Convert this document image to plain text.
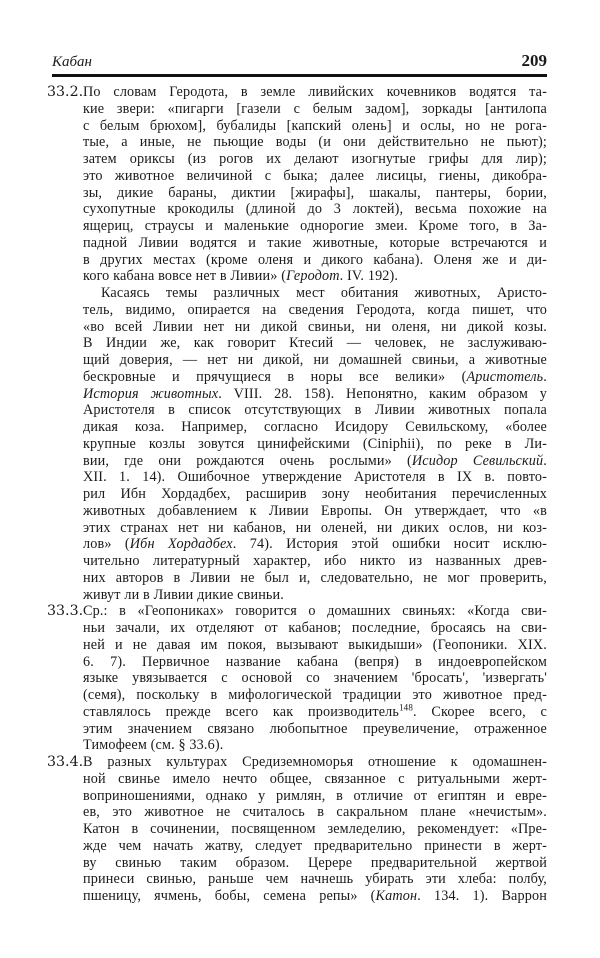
Кабан	209
33.2. По словам Геродота, в земле ливийских кочевников водятся та-
кие звери: «пигарги [газели с белым задом], зоркады [антилопа
с белым брюхом], бубалиды [капский олень] и ослы, но не рога-
тые, а иные, не пьющие воды (и они действительно не пьют);
затем ориксы (из рогов их делают изогнутые грифы для лир);
это животное величиной с быка; далее лисицы, гиены, дикобра-
зы, дикие бараны, диктии [жирафы], шакалы, пантеры, бории,
сухопутные крокодилы (длиной до 3 локтей), весьма похожие на
ящериц, страусы и маленькие однорогие змеи. Кроме того, в За-
падной Ливии водятся и такие животные, которые встречаются и
в других местах (кроме оленя и дикого кабана). Оленя же и ди-
кого кабана вовсе нет в Ливии» (Геродот. IV. 192).
Касаясь темы различных мест обитания животных, Аристо-
тель, видимо, опирается на сведения Геродота, когда пишет, что
«во всей Ливии нет ни дикой свиньи, ни оленя, ни дикой козы.
В Индии же, как говорит Ктесий — человек, не заслуживаю-
щий доверия, — нет ни дикой, ни домашней свиньи, а животные
бескровные и прячущиеся в норы все велики» (Аристотель.
История животных. VIII. 28. 158). Непонятно, каким образом у
Аристотеля в список отсутствующих в Ливии животных попала
дикая коза. Например, согласно Исидору Севильскому, «более
крупные козлы зовутся цинифейскими (Ciniphii), по реке в Ли-
вии, где они рождаются очень рослыми» (Исидор Севильский.
XII. 1. 14). Ошибочное утверждение Аристотеля в IX в. повто-
рил Ибн Хордадбех, расширив зону необитания перечисленных
животных добавлением к Ливии Европы. Он утверждает, что «в
этих странах нет ни кабанов, ни оленей, ни диких ослов, ни коз-
лов» (Ибн Хордадбех. 74). История этой ошибки носит исклю-
чительно литературный характер, ибо никто из названных древ-
них авторов в Ливии не был и, следовательно, не мог проверить,
живут ли в Ливии дикие свиньи.
33.3. Ср.: в «Геопониках» говорится о домашних свиньях: «Когда сви-
ньи зачали, их отделяют от кабанов; последние, бросаясь на сви-
ней и не давая им покоя, вызывают выкидыши» (Геопоники. XIX.
6. 7). Первичное название кабана (вепря) в индоевропейском
языке увязывается с основой со значением 'бросать', 'извергать'
(семя), поскольку в мифологической традиции это животное пред-
ставлялось прежде всего как производитель$^{148}$. Скорее всего, с
этим значением связано любопытное преувеличение, отраженное
Тимофеем (см. § 33.6).
33.4. В разных культурах Средиземноморья отношение к одомашнен-
ной свинье имело нечто общее, связанное с ритуальными жерт-
воприношениями, однако у римлян, в отличие от египтян и евре-
ев, это животное не считалось в сакральном плане «нечистым».
Катон в сочинении, посвященном земледелию, рекомендует: «Пре-
жде чем начать жатву, следует предварительно принести в жерт-
ву свинью таким образом. Церере предварительной жертвой
принеси свинью, раньше чем начнешь убирать эти хлеба: полбу,
пшеницу, ячмень, бобы, семена репы» (Катон. 134. 1). Варрон
